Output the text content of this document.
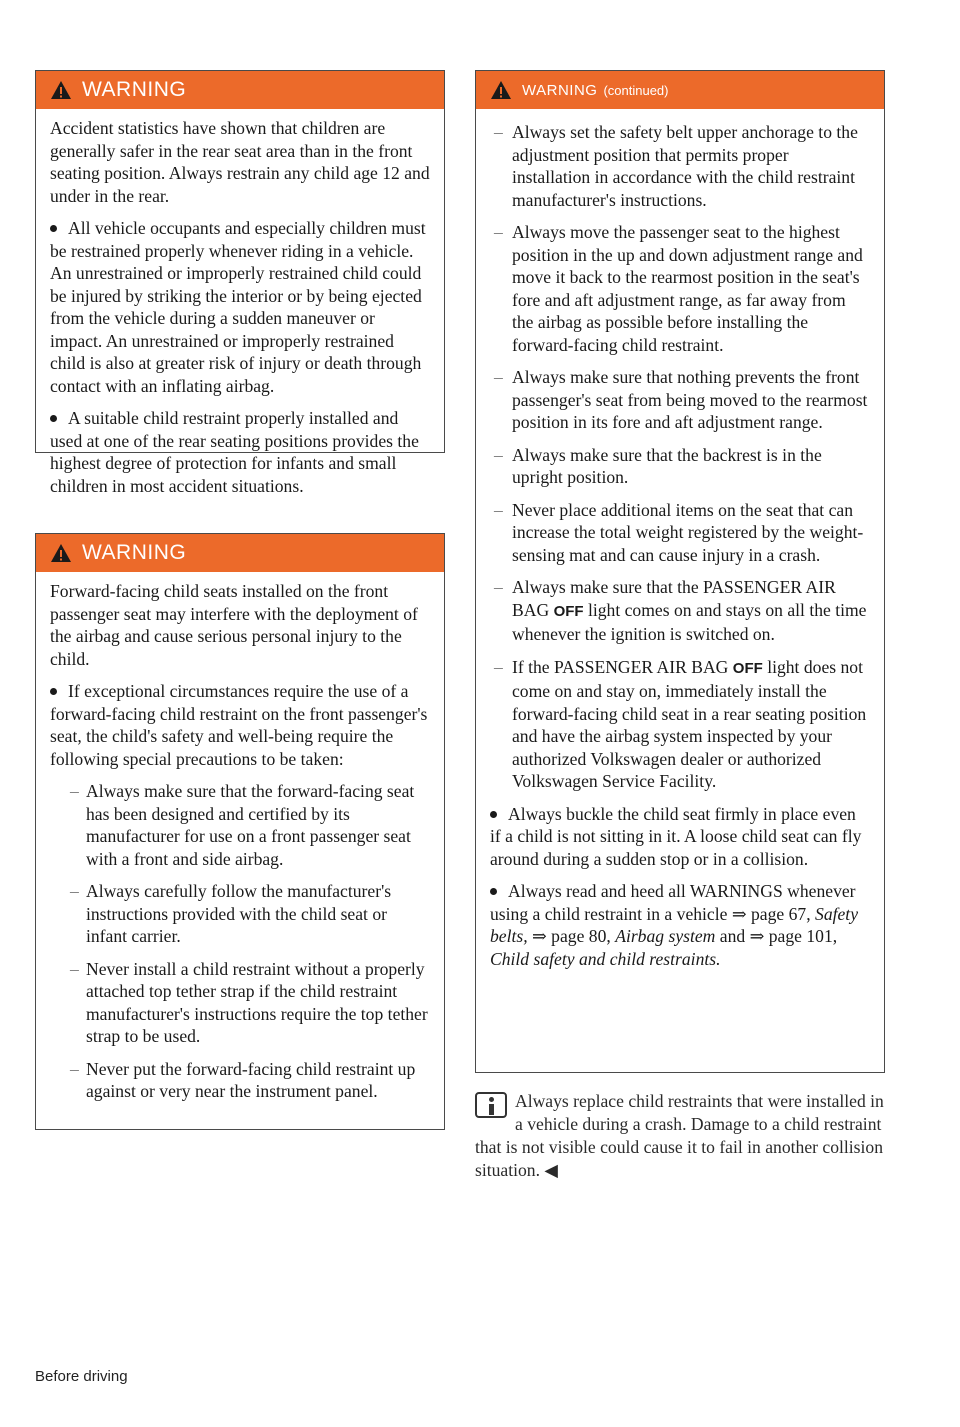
WARNING

Accident statistics have shown that children are generally safer in the rear seat area than in the front seating position. Always restrain any child age 12 and under in the rear.

All vehicle occupants and especially children must be restrained properly whenever riding in a vehicle. An unrestrained or improperly restrained child could be injured by striking the interior or by being ejected from the vehicle during a sudden maneuver or impact. An unrestrained or improperly restrained child is also at greater risk of injury or death through contact with an inflating airbag.

A suitable child restraint properly installed and used at one of the rear seating positions provides the highest degree of protection for infants and small children in most accident situations.

WARNING

Forward-facing child seats installed on the front passenger seat may interfere with the deployment of the airbag and cause serious personal injury to the child.

If exceptional circumstances require the use of a forward-facing child restraint on the front passenger's seat, the child's safety and well-being require the following special precautions to be taken:

– Always make sure that the forward-facing seat has been designed and certified by its manufacturer for use on a front passenger seat with a front and side airbag.

– Always carefully follow the manufacturer's instructions provided with the child seat or infant carrier.

– Never install a child restraint without a properly attached top tether strap if the child restraint manufacturer's instructions require the top tether strap to be used.

– Never put the forward-facing child restraint up against or very near the instrument panel.

WARNING (continued)

– Always set the safety belt upper anchorage to the adjustment position that permits proper installation in accordance with the child restraint manufacturer's instructions.

– Always move the passenger seat to the highest position in the up and down adjustment range and move it back to the rearmost position in the seat's fore and aft adjustment range, as far away from the airbag as possible before installing the forward-facing child restraint.

– Always make sure that nothing prevents the front passenger's seat from being moved to the rearmost position in its fore and aft adjustment range.

– Always make sure that the backrest is in the upright position.

– Never place additional items on the seat that can increase the total weight registered by the weight-sensing mat and can cause injury in a crash.

– Always make sure that the PASSENGER AIR BAG OFF light comes on and stays on all the time whenever the ignition is switched on.

– If the PASSENGER AIR BAG OFF light does not come on and stay on, immediately install the forward-facing child seat in a rear seating position and have the airbag system inspected by your authorized Volkswagen dealer or authorized Volkswagen Service Facility.

Always buckle the child seat firmly in place even if a child is not sitting in it. A loose child seat can fly around during a sudden stop or in a collision.

Always read and heed all WARNINGS whenever using a child restraint in a vehicle ⇒ page 67, Safety belts, ⇒ page 80, Airbag system and ⇒ page 101, Child safety and child restraints.

Always replace child restraints that were installed in a vehicle during a crash. Damage to a child restraint that is not visible could cause it to fail in another collision situation. ◀
Before driving
